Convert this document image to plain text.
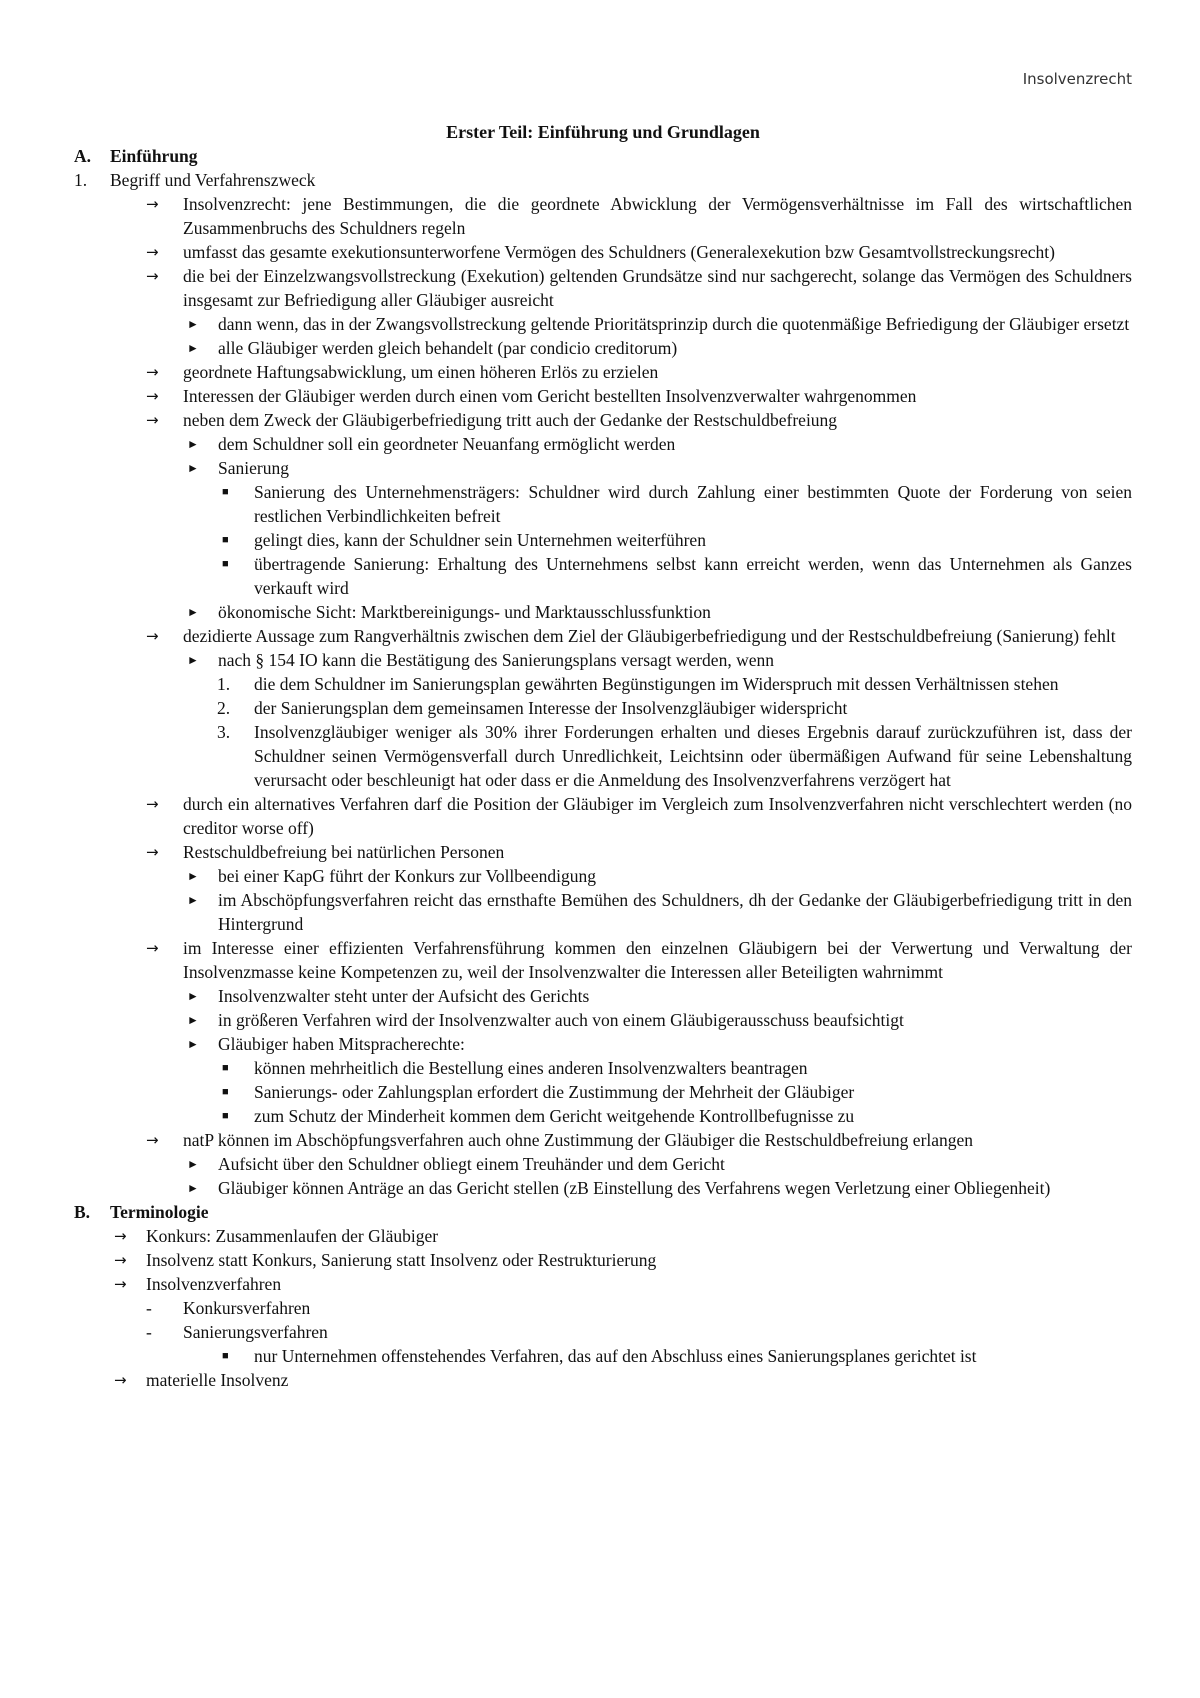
Insolvenzrecht
Erster Teil: Einführung und Grundlagen
A. Einführung
1. Begriff und Verfahrenszweck
→ Insolvenzrecht: jene Bestimmungen, die die geordnete Abwicklung der Vermögensverhältnisse im Fall des wirtschaftlichen Zusammenbruchs des Schuldners regeln
→ umfasst das gesamte exekutionsunterworfene Vermögen des Schuldners (Generalexekution bzw Gesamtvollstreckungsrecht)
→ die bei der Einzelzwangsvollstreckung (Exekution) geltenden Grundsätze sind nur sachgerecht, solange das Vermögen des Schuldners insgesamt zur Befriedigung aller Gläubiger ausreicht
► dann wenn, das in der Zwangsvollstreckung geltende Prioritätsprinzip durch die quotenmäßige Befriedigung der Gläubiger ersetzt
► alle Gläubiger werden gleich behandelt (par condicio creditorum)
→ geordnete Haftungsabwicklung, um einen höheren Erlös zu erzielen
→ Interessen der Gläubiger werden durch einen vom Gericht bestellten Insolvenzverwalter wahrgenommen
→ neben dem Zweck der Gläubigerbefriedigung tritt auch der Gedanke der Restschuldbefreiung
► dem Schuldner soll ein geordneter Neuanfang ermöglicht werden
► Sanierung
■ Sanierung des Unternehmensträgers: Schuldner wird durch Zahlung einer bestimmten Quote der Forderung von seien restlichen Verbindlichkeiten befreit
■ gelingt dies, kann der Schuldner sein Unternehmen weiterführen
■ übertragende Sanierung: Erhaltung des Unternehmens selbst kann erreicht werden, wenn das Unternehmen als Ganzes verkauft wird
► ökonomische Sicht: Marktbereinigungs- und Marktausschlussfunktion
→ dezidierte Aussage zum Rangverhältnis zwischen dem Ziel der Gläubigerbefriedigung und der Restschuldbefreiung (Sanierung) fehlt
► nach § 154 IO kann die Bestätigung des Sanierungsplans versagt werden, wenn
1. die dem Schuldner im Sanierungsplan gewährten Begünstigungen im Widerspruch mit dessen Verhältnissen stehen
2. der Sanierungsplan dem gemeinsamen Interesse der Insolvenzgläubiger widerspricht
3. Insolvenzgläubiger weniger als 30% ihrer Forderungen erhalten und dieses Ergebnis darauf zurückzuführen ist, dass der Schuldner seinen Vermögensverfall durch Unredlichkeit, Leichtsinn oder übermäßigen Aufwand für seine Lebenshaltung verursacht oder beschleunigt hat oder dass er die Anmeldung des Insolvenzverfahrens verzögert hat
→ durch ein alternatives Verfahren darf die Position der Gläubiger im Vergleich zum Insolvenzverfahren nicht verschlechtert werden (no creditor worse off)
→ Restschuldbefreiung bei natürlichen Personen
► bei einer KapG führt der Konkurs zur Vollbeendigung
► im Abschöpfungsverfahren reicht das ernsthafte Bemühen des Schuldners, dh der Gedanke der Gläubigerbefriedigung tritt in den Hintergrund
→ im Interesse einer effizienten Verfahrensführung kommen den einzelnen Gläubigern bei der Verwertung und Verwaltung der Insolvenzmasse keine Kompetenzen zu, weil der Insolvenzwalter die Interessen aller Beteiligten wahrnimmt
► Insolvenzwalter steht unter der Aufsicht des Gerichts
► in größeren Verfahren wird der Insolvenzwalter auch von einem Gläubigerausschuss beaufsichtigt
► Gläubiger haben Mitspracherechte:
■ können mehrheitlich die Bestellung eines anderen Insolvenzwalters beantragen
■ Sanierungs- oder Zahlungsplan erfordert die Zustimmung der Mehrheit der Gläubiger
■ zum Schutz der Minderheit kommen dem Gericht weitgehende Kontrollbefugnisse zu
→ natP können im Abschöpfungsverfahren auch ohne Zustimmung der Gläubiger die Restschuldbefreiung erlangen
► Aufsicht über den Schuldner obliegt einem Treuhänder und dem Gericht
► Gläubiger können Anträge an das Gericht stellen (zB Einstellung des Verfahrens wegen Verletzung einer Obliegenheit)
B. Terminologie
→ Konkurs: Zusammenlaufen der Gläubiger
→ Insolvenz statt Konkurs, Sanierung statt Insolvenz oder Restrukturierung
→ Insolvenzverfahren
- Konkursverfahren
- Sanierungsverfahren
■ nur Unternehmen offenstehendes Verfahren, das auf den Abschluss eines Sanierungsplanes gerichtet ist
→ materielle Insolvenz
